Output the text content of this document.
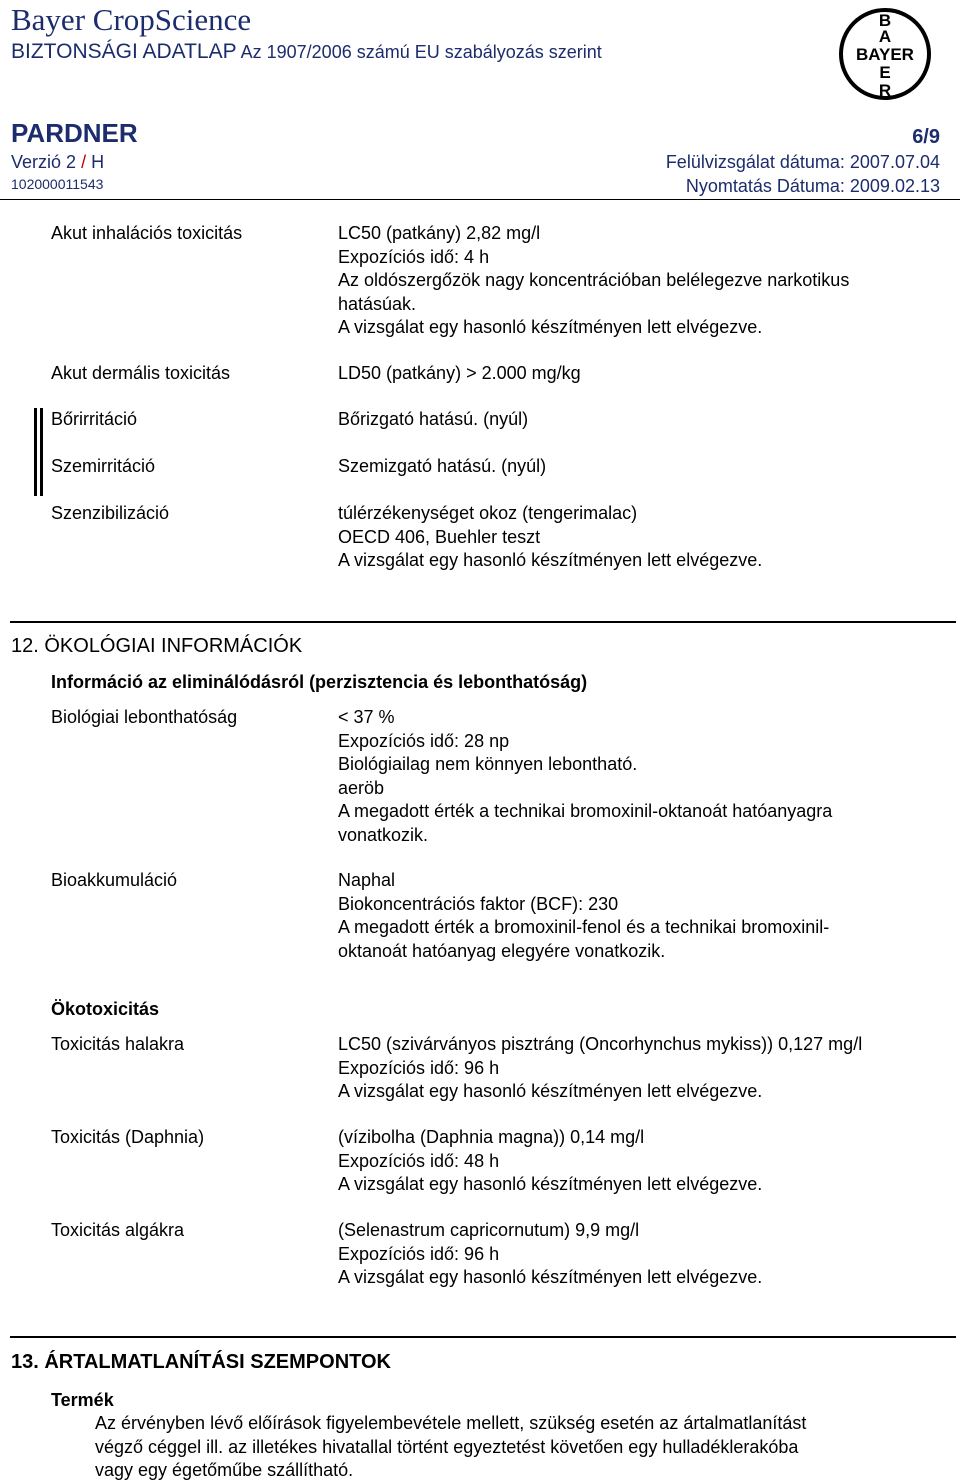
Bayer CropScience
BIZTONSÁGI ADATLAP Az 1907/2006 számú EU szabályozás szerint
B
A
BAYER
E
R
PARDNER	6/9
Verzió 2 / H
102000011543
Felülvizsgálat dátuma: 2007.07.04
Nyomtatás Dátuma: 2009.02.13
Akut inhalációs toxicitás	LC50 (patkány) 2,82 mg/l
Expozíciós idő: 4 h
Az oldószergőzök nagy koncentrációban belélegezve narkotikus
hatásúak.
A vizsgálat egy hasonló készítményen lett elvégezve.
Akut dermális toxicitás	LD50 (patkány) > 2.000 mg/kg
Bőrirritáció	Bőrizgató hatású. (nyúl)
Szemirritáció	Szemizgató hatású. (nyúl)
Szenzibilizáció	túlérzékenységet okoz (tengerimalac)
OECD 406, Buehler teszt
A vizsgálat egy hasonló készítményen lett elvégezve.
12. ÖKOLÓGIAI INFORMÁCIÓK
Információ az eliminálódásról (perzisztencia és lebonthatóság)
Biológiai lebonthatóság	< 37 %
Expozíciós idő: 28 np
Biológiailag nem könnyen lebontható.
aeröb
A megadott érték a technikai bromoxinil-oktanoát hatóanyagra
vonatkozik.
Bioakkumuláció	Naphal
Biokoncentrációs faktor (BCF): 230
A megadott érték a bromoxinil-fenol és a technikai bromoxinil-
oktanoát hatóanyag elegyére vonatkozik.
Ökotoxicitás
Toxicitás halakra	LC50 (szivárványos pisztráng (Oncorhynchus mykiss)) 0,127 mg/l
Expozíciós idő: 96 h
A vizsgálat egy hasonló készítményen lett elvégezve.
Toxicitás (Daphnia)	(vízibolha (Daphnia magna)) 0,14 mg/l
Expozíciós idő: 48 h
A vizsgálat egy hasonló készítményen lett elvégezve.
Toxicitás algákra	(Selenastrum capricornutum) 9,9 mg/l
Expozíciós idő: 96 h
A vizsgálat egy hasonló készítményen lett elvégezve.
13. ÁRTALMATLANÍTÁSI SZEMPONTOK
Termék
Az érvényben lévő előírások figyelembevétele mellett, szükség esetén az ártalmatlanítást
végző céggel ill. az illetékes hivatallal történt egyeztetést követően egy hulladéklerakóba
vagy egy égetőműbe szállítható.
